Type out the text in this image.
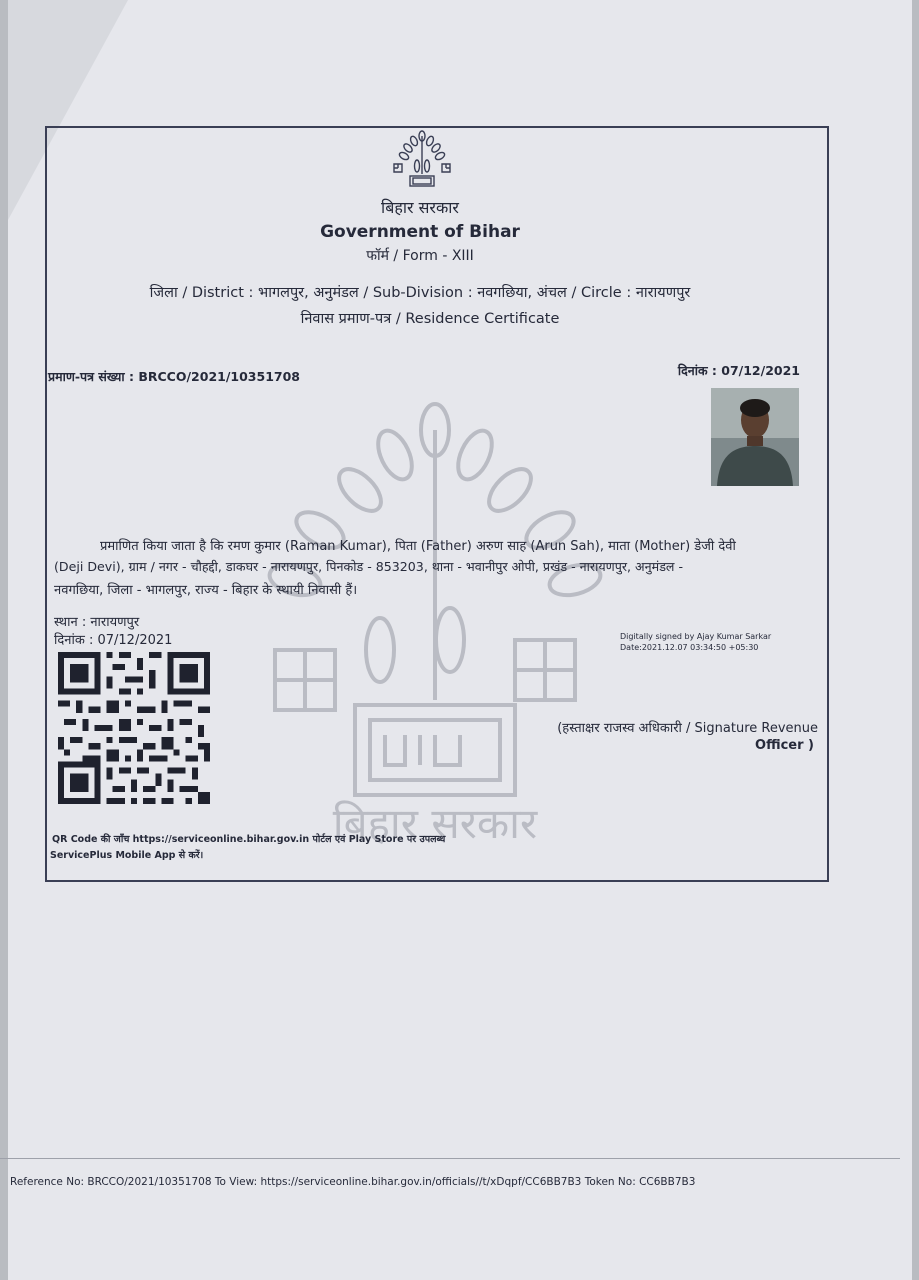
बिहार सरकार
Government of Bihar
फॉर्म / Form - XIII
जिला / District : भागलपुर, अनुमंडल / Sub-Division : नवगछिया, अंचल / Circle : नारायणपुर
निवास प्रमाण-पत्र / Residence Certificate
प्रमाण-पत्र संख्या : BRCCO/2021/10351708	दिनांक : 07/12/2021
बिहार सरकार
प्रमाणित किया जाता है कि रमण कुमार (Raman Kumar), पिता (Father) अरुण साह (Arun Sah), माता (Mother) डेजी देवी
(Deji Devi), ग्राम / नगर - चौहद्दी, डाकघर - नारायणपुर, पिनकोड - 853203, थाना - भवानीपुर ओपी, प्रखंड - नारायणपुर, अनुमंडल -
नवगछिया, जिला - भागलपुर, राज्य - बिहार के स्थायी निवासी हैं।
स्थान : नारायणपुर
दिनांक : 07/12/2021	Digitally signed by Ajay Kumar Sarkar
Date:2021.12.07 03:34:50 +05:30
(हस्ताक्षर राजस्व अधिकारी / Signature Revenue
Officer )
QR Code की जाँच https://serviceonline.bihar.gov.in पोर्टल एवं Play Store पर उपलब्ध
ServicePlus Mobile App से करें।
Reference No: BRCCO/2021/10351708 To View: https://serviceonline.bihar.gov.in/officials//t/xDqpf/CC6BB7B3 Token No: CC6BB7B3
